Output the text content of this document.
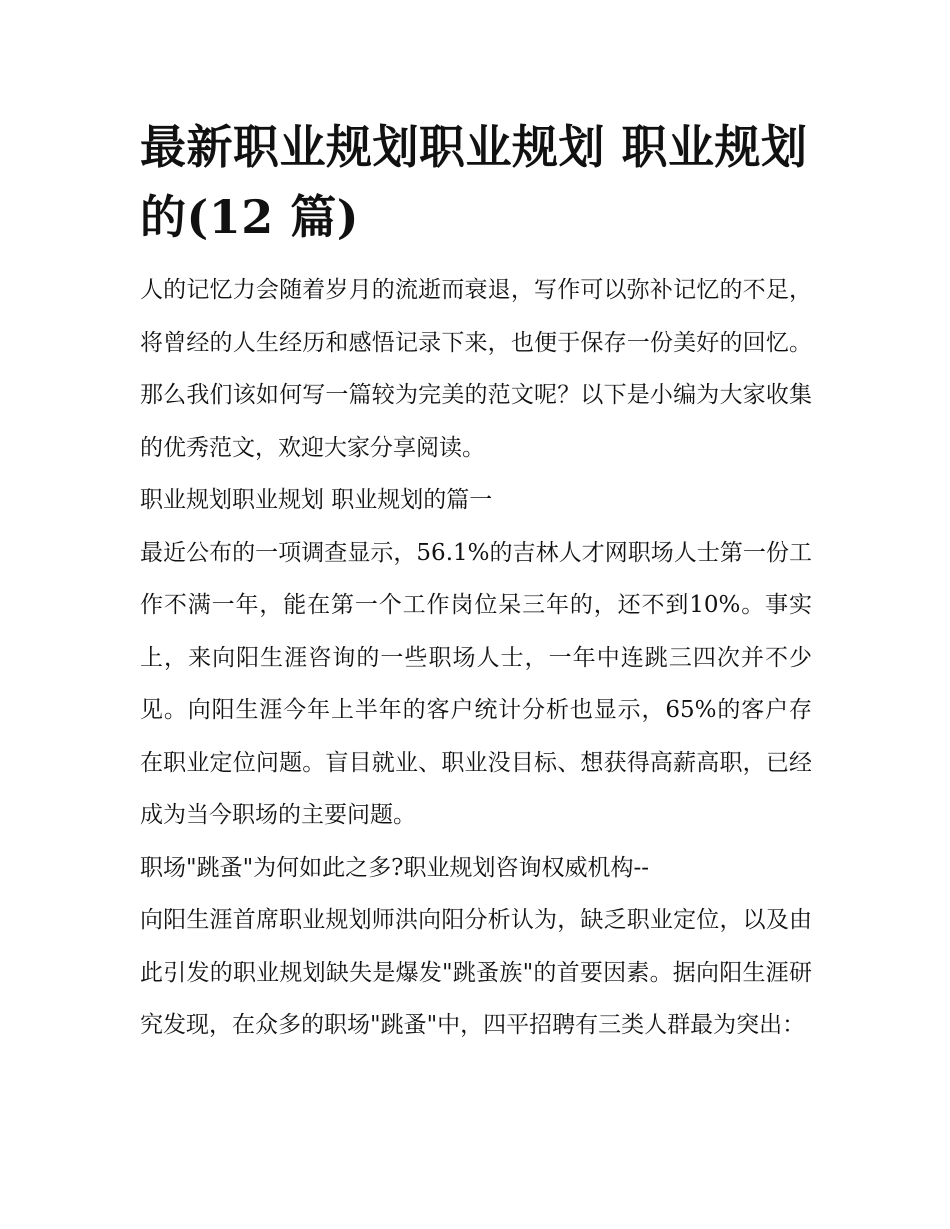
最新职业规划职业规划 职业规划的(12 篇)

人的记忆力会随着岁月的流逝而衰退，写作可以弥补记忆的不足，将曾经的人生经历和感悟记录下来，也便于保存一份美好的回忆。那么我们该如何写一篇较为完美的范文呢？以下是小编为大家收集的优秀范文，欢迎大家分享阅读。

职业规划职业规划 职业规划的篇一

最近公布的一项调查显示，56.1%的吉林人才网职场人士第一份工作不满一年，能在第一个工作岗位呆三年的，还不到10%。事实上，来向阳生涯咨询的一些职场人士，一年中连跳三四次并不少见。向阳生涯今年上半年的客户统计分析也显示，65%的客户存在职业定位问题。盲目就业、职业没目标、想获得高薪高职，已经成为当今职场的主要问题。

职场"跳蚤"为何如此之多?职业规划咨询权威机构--

向阳生涯首席职业规划师洪向阳分析认为，缺乏职业定位，以及由此引发的职业规划缺失是爆发"跳蚤族"的首要因素。据向阳生涯研究发现，在众多的职场"跳蚤"中，四平招聘有三类人群最为突出：
